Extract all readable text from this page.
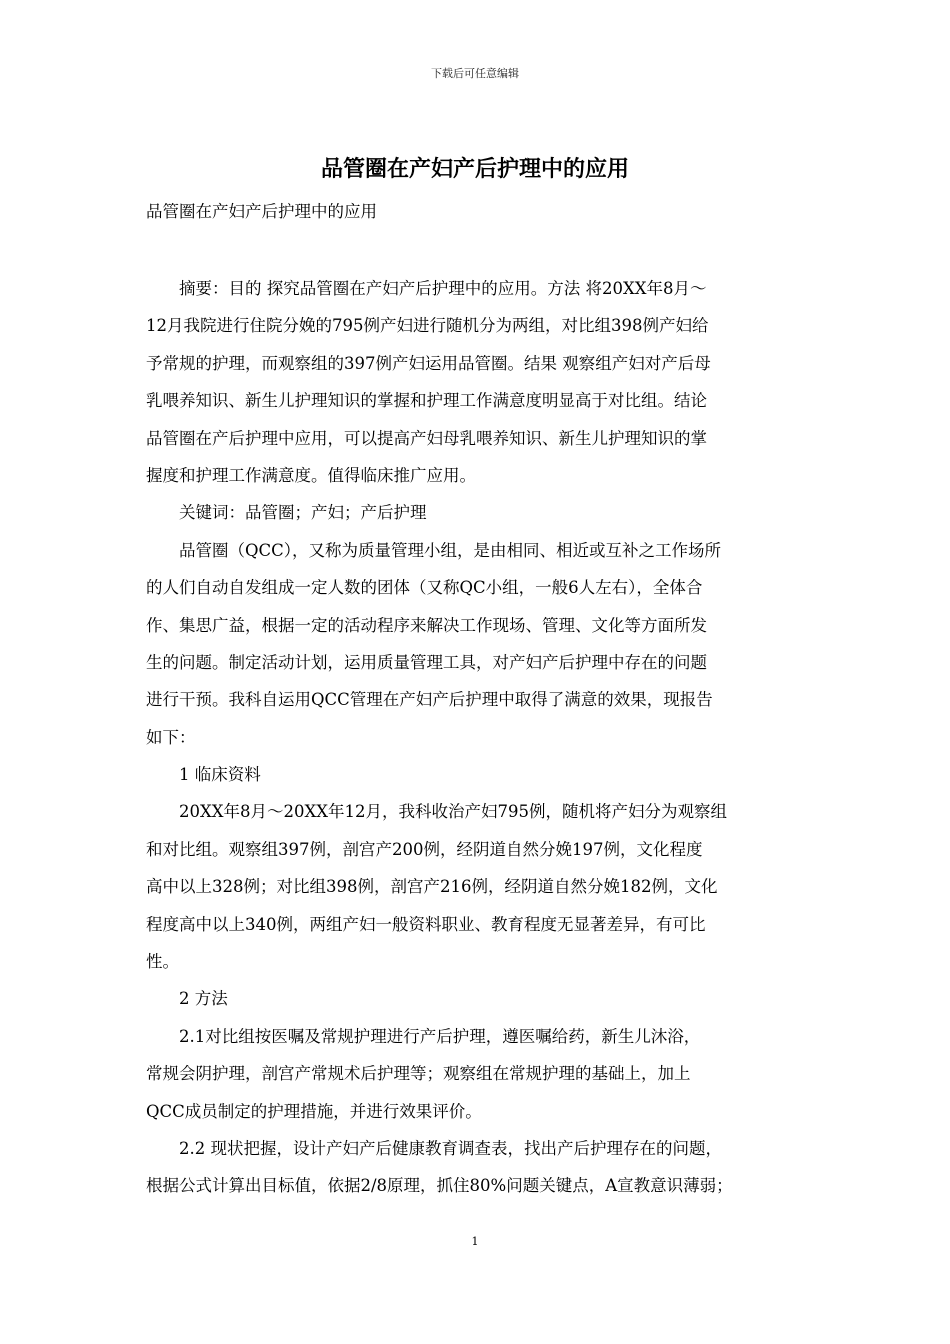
下载后可任意编辑
品管圈在产妇产后护理中的应用
品管圈在产妇产后护理中的应用
　　摘要：目的 探究品管圈在产妇产后护理中的应用。方法 将20XX年8月～
12月我院进行住院分娩的795例产妇进行随机分为两组，对比组398例产妇给
予常规的护理，而观察组的397例产妇运用品管圈。结果 观察组产妇对产后母
乳喂养知识、新生儿护理知识的掌握和护理工作满意度明显高于对比组。结论
品管圈在产后护理中应用，可以提高产妇母乳喂养知识、新生儿护理知识的掌
握度和护理工作满意度。值得临床推广应用。
　　关键词：品管圈；产妇；产后护理
　　品管圈（QCC），又称为质量管理小组，是由相同、相近或互补之工作场所
的人们自动自发组成一定人数的团体（又称QC小组，一般6人左右），全体合
作、集思广益，根据一定的活动程序来解决工作现场、管理、文化等方面所发
生的问题。制定活动计划，运用质量管理工具，对产妇产后护理中存在的问题
进行干预。我科自运用QCC管理在产妇产后护理中取得了满意的效果，现报告
如下：
　　1 临床资料
　　20XX年8月～20XX年12月，我科收治产妇795例，随机将产妇分为观察组
和对比组。观察组397例，剖宫产200例，经阴道自然分娩197例，文化程度
高中以上328例；对比组398例，剖宫产216例，经阴道自然分娩182例，文化
程度高中以上340例，两组产妇一般资料职业、教育程度无显著差异，有可比
性。
　　2 方法
　　2.1对比组按医嘱及常规护理进行产后护理，遵医嘱给药，新生儿沐浴，
常规会阴护理，剖宫产常规术后护理等；观察组在常规护理的基础上，加上
QCC成员制定的护理措施，并进行效果评价。
　　2.2 现状把握，设计产妇产后健康教育调查表，找出产后护理存在的问题，
根据公式计算出目标值，依据2/8原理，抓住80%问题关键点，A宣教意识薄弱；
1
